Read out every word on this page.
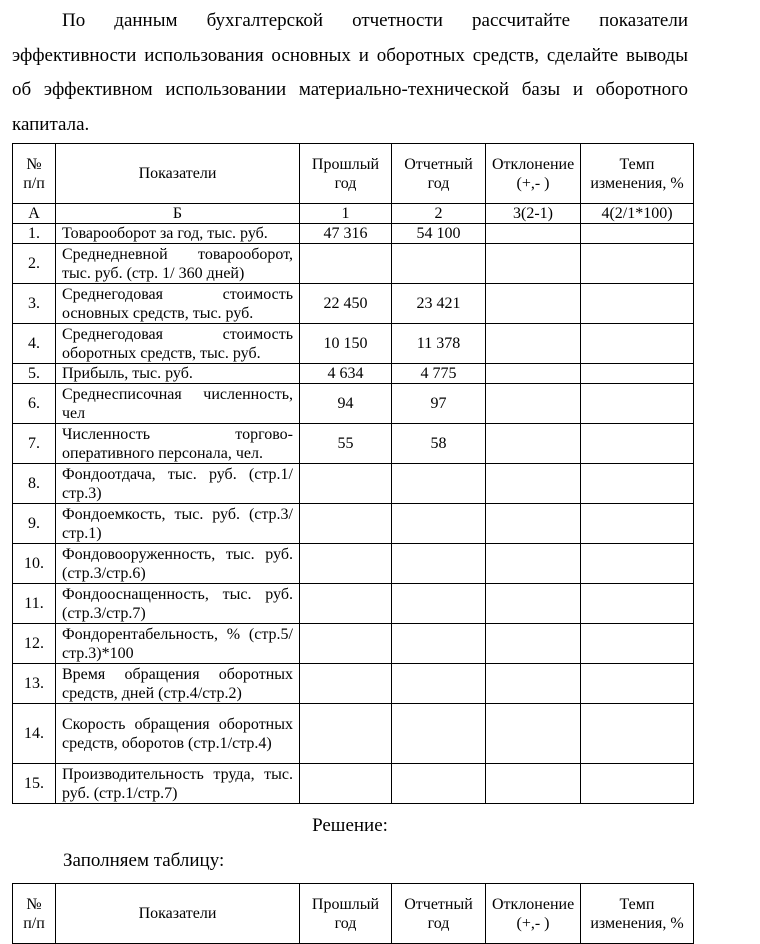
По данным бухгалтерской отчетности рассчитайте показатели эффективности использования основных и оборотных средств, сделайте выводы об эффективном использовании материально-технической базы и оборотного капитала.

№ п/п	Показатели	Прошлый год	Отчетный год	Отклонение (+,- )	Темп изменения, %
А	Б	1	2	3(2-1)	4(2/1*100)
1.	Товарооборот за год, тыс. руб.	47 316	54 100		
2.	Среднедневной товарооборот, тыс. руб. (стр. 1/ 360 дней)				
3.	Среднегодовая стоимость основных средств, тыс. руб.	22 450	23 421		
4.	Среднегодовая стоимость оборотных средств, тыс. руб.	10 150	11 378		
5.	Прибыль, тыс. руб.	4 634	4 775		
6.	Среднесписочная численность, чел	94	97		
7.	Численность торгово-оперативного персонала, чел.	55	58		
8.	Фондоотдача, тыс. руб. (стр.1/стр.3)				
9.	Фондоемкость, тыс. руб. (стр.3/стр.1)				
10.	Фондовооруженность, тыс. руб. (стр.3/стр.6)				
11.	Фондооснащенность, тыс. руб. (стр.3/стр.7)				
12.	Фондорентабельность, % (стр.5/стр.3)*100				
13.	Время обращения оборотных средств, дней (стр.4/стр.2)				
14.	Скорость обращения оборотных средств, оборотов (стр.1/стр.4)				
15.	Производительность труда, тыс. руб. (стр.1/стр.7)				
Решение:
Заполняем таблицу:
№ п/п	Показатели	Прошлый год	Отчетный год	Отклонение (+,- )	Темп изменения, %
